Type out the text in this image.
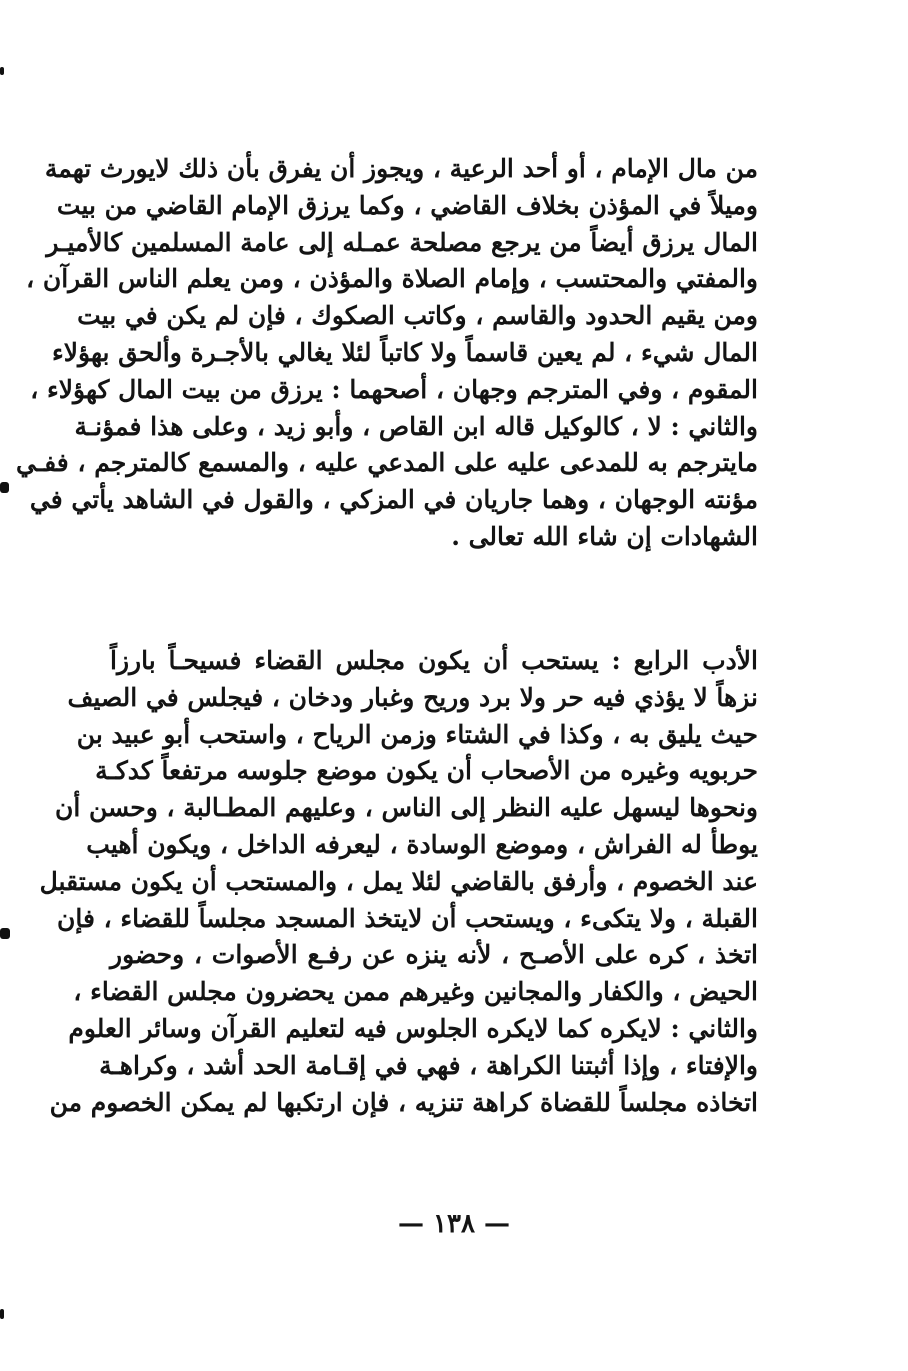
من مال الإمام ، أو أحد الرعية ، ويجوز أن يفرق بأن ذلك لايورث تهمة
وميلاً في المؤذن بخلاف القاضي ، وكما يرزق الإمام القاضي من بيت
المال يرزق أيضاً من يرجع مصلحة عمـله إلى عامة المسلمين كالأميـر
والمفتي والمحتسب ، وإمام الصلاة والمؤذن ، ومن يعلم الناس القرآن ،
ومن يقيم الحدود والقاسم ، وكاتب الصكوك ، فإن لم يكن في بيت
المال شيء ، لم يعين قاسماً ولا كاتباً لئلا يغالي بالأجـرة وألحق بهؤلاء
المقوم ، وفي المترجم وجهان ، أصحهما : يرزق من بيت المال كهؤلاء ،
والثاني : لا ، كالوكيل قاله ابن القاص ، وأبو زيد ، وعلى هذا فمؤنـة
مايترجم به للمدعى عليه على المدعي عليه ، والمسمع كالمترجم ، ففـي
مؤنته الوجهان ، وهما جاريان في المزكي ، والقول في الشاهد يأتي في
الشهادات إن شاء الله تعالى .
الأدب الرابع : يستحب أن يكون مجلس القضاء فسيحـاً بارزاً
نزهاً لا يؤذي فيه حر ولا برد وريح وغبار ودخان ، فيجلس في الصيف
حيث يليق به ، وكذا في الشتاء وزمن الرياح ، واستحب أبو عبيد بن
حربويه وغيره من الأصحاب أن يكون موضع جلوسه مرتفعاً كدكـة
ونحوها ليسهل عليه النظر إلى الناس ، وعليهم المطـالبة ، وحسن أن
يوطأ له الفراش ، وموضع الوسادة ، ليعرفه الداخل ، ويكون أهيب
عند الخصوم ، وأرفق بالقاضي لئلا يمل ، والمستحب أن يكون مستقبل
القبلة ، ولا يتكىء ، ويستحب أن لايتخذ المسجد مجلساً للقضاء ، فإن
اتخذ ، كره على الأصـح ، لأنه ينزه عن رفـع الأصوات ، وحضور
الحيض ، والكفار والمجانين وغيرهم ممن يحضرون مجلس القضاء ،
والثاني : لايكره كما لايكره الجلوس فيه لتعليم القرآن وسائر العلوم
والإفتاء ، وإذا أثبتنا الكراهة ، فهي في إقـامة الحد أشد ، وكراهـة
اتخاذه مجلساً للقضاة كراهة تنزيه ، فإن ارتكبها لم يمكن الخصوم من
— ١٣٨ —
